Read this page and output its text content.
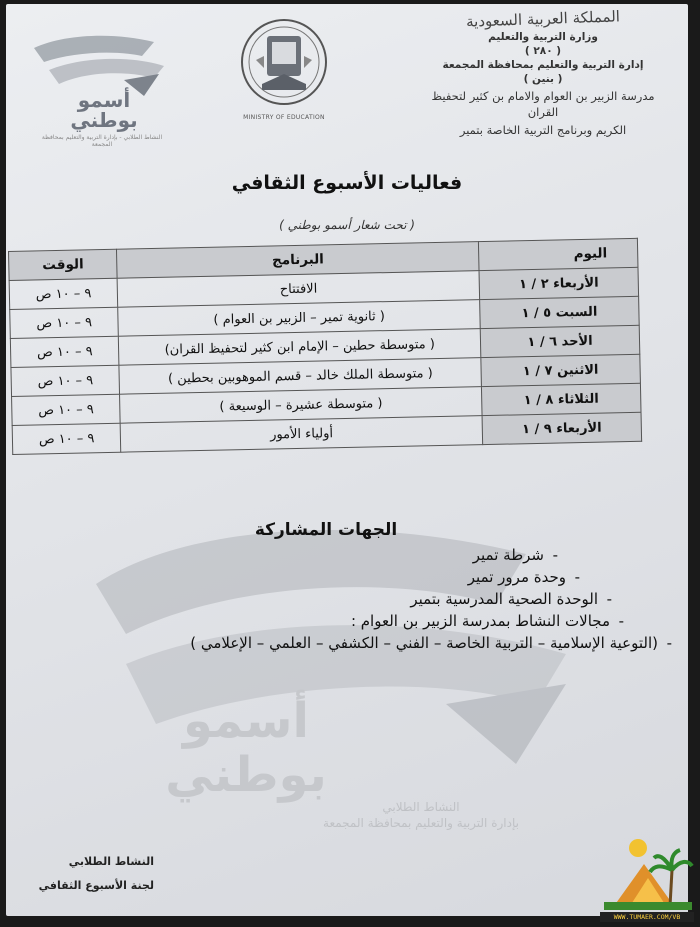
المملكة العربية السعودية
وزارة التربية والتعليم
( ٢٨٠ )
إدارة التربية والتعليم بمحافظة المجمعة
( بنين )
مدرسة الزبير بن العوام والامام بن كثير لتحفيظ القران
الكريم وبرنامج التربية الخاصة بتمير
أسمو
بوطني
النشاط الطلابي - بإدارة التربية والتعليم بمحافظة المجمعة
MINISTRY OF EDUCATION
فعاليات الأسبوع الثقافي
( تحت شعار أسمو بوطني )
اليوم	البرنامج	الوقت
الأربعاء ٢ / ١	الافتتاح	٩ – ١٠ ص
السبت ٥ / ١	( ثانوية تمير – الزبير بن العوام )	٩ – ١٠ ص
الأحد ٦ / ١	( متوسطة حطين – الإمام ابن كثير لتحفيظ القران)	٩ – ١٠ ص
الاثنين ٧ / ١	( متوسطة الملك خالد – قسم الموهوبين بحطين )	٩ – ١٠ ص
الثلاثاء ٨ / ١	( متوسطة عشيرة – الوسيعة )	٩ – ١٠ ص
الأربعاء ٩ / ١	أولياء الأمور	٩ – ١٠ ص
أسمو
بوطني
النشاط الطلابي
بإدارة التربية والتعليم بمحافظة المجمعة
الجهات المشاركة
-شرطة تمير
-وحدة مرور تمير
-الوحدة الصحية المدرسية بتمير
-مجالات النشاط بمدرسة الزبير بن العوام :
-(التوعية الإسلامية – التربية الخاصة – الفني – الكشفي – العلمي – الإعلامي )
النشاط الطلابي
لجنة الأسبوع الثقافي
WWW.TUMAER.COM/VB
